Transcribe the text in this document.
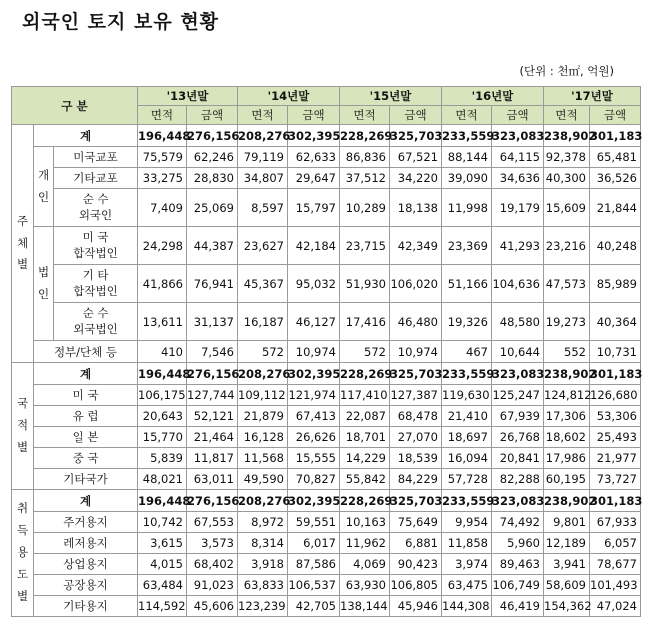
외국인 토지 보유 현황
(단위 : 천㎡, 억원)
구 분			'13년말		'14년말		'15년말		'16년말		'17년말	
			면적	금액	면적	금액	면적	금액	면적	금액	면적	금액

주
체
별	계		196,448	276,156	208,276	302,395	228,269	325,703	233,559	323,083	238,902	301,183

	개
인	미국교포	75,579	62,246	79,119	62,633	86,836	67,521	88,144	64,115	92,378	65,481
		기타교포	33,275	28,830	34,807	29,647	37,512	34,220	39,090	34,636	40,300	36,526

		순 수
외국인	7,409	25,069	8,597	15,797	10,289	18,138	11,998	19,179	15,609	21,844

	법
인	미 국
합작법인	24,298	44,387	23,627	42,184	23,715	42,349	23,369	41,293	23,216	40,248

		기 타
합작법인	41,866	76,941	45,367	95,032	51,930	106,020	51,166	104,636	47,573	85,989

		순 수
외국법인	13,611	31,137	16,187	46,127	17,416	46,480	19,326	48,580	19,273	40,364
	정부/단체 등		410	7,546	572	10,974	572	10,974	467	10,644	552	10,731

국
적
별	계		196,448	276,156	208,276	302,395	228,269	325,703	233,559	323,083	238,902	301,183
	미 국		106,175	127,744	109,112	121,974	117,410	127,387	119,630	125,247	124,812	126,680
	유 럽		20,643	52,121	21,879	67,413	22,087	68,478	21,410	67,939	17,306	53,306
	일 본		15,770	21,464	16,128	26,626	18,701	27,070	18,697	26,768	18,602	25,493
	중 국		5,839	11,817	11,568	15,555	14,229	18,539	16,094	20,841	17,986	21,977
	기타국가		48,021	63,011	49,590	70,827	55,842	84,229	57,728	82,288	60,195	73,727

취
득
용
도
별	계		196,448	276,156	208,276	302,395	228,269	325,703	233,559	323,083	238,902	301,183
	주거용지		10,742	67,553	8,972	59,551	10,163	75,649	9,954	74,492	9,801	67,933
	레저용지		3,615	3,573	8,314	6,017	11,962	6,881	11,858	5,960	12,189	6,057
	상업용지		4,015	68,402	3,918	87,586	4,069	90,423	3,974	89,463	3,941	78,677
	공장용지		63,484	91,023	63,833	106,537	63,930	106,805	63,475	106,749	58,609	101,493
	기타용지		114,592	45,606	123,239	42,705	138,144	45,946	144,308	46,419	154,362	47,024
